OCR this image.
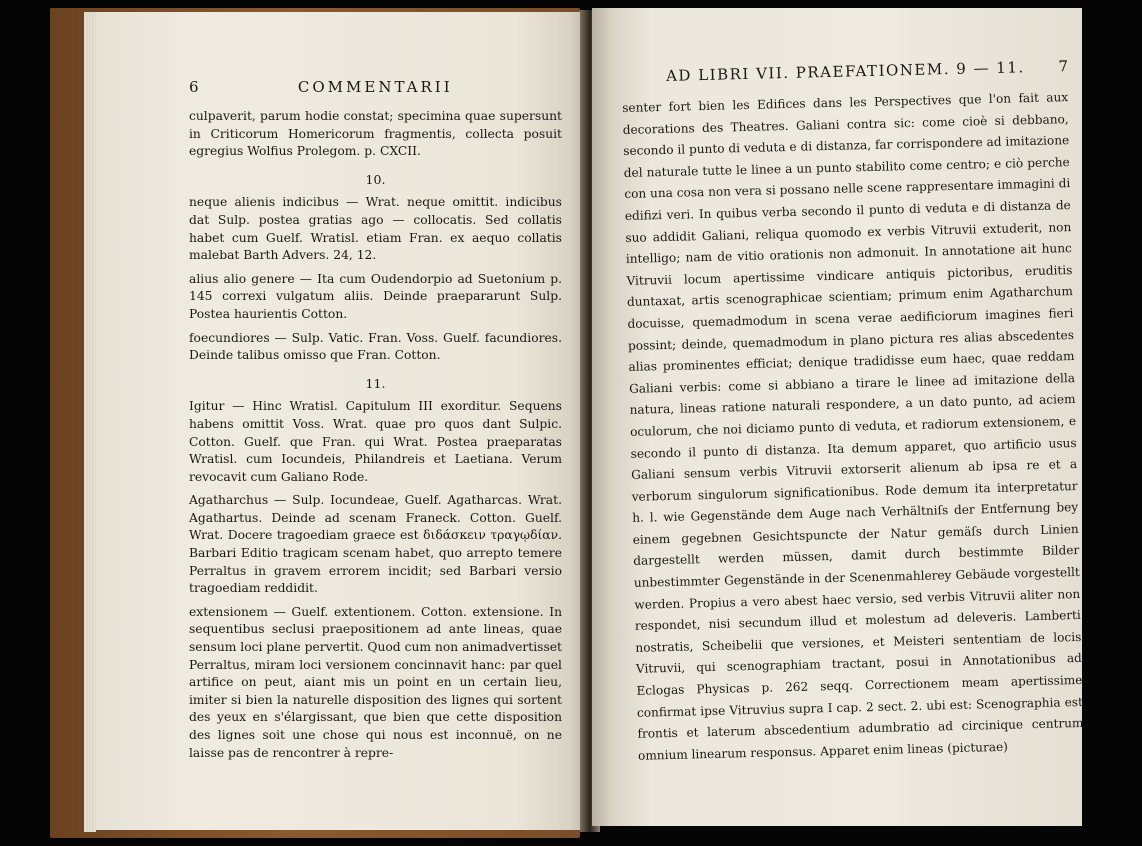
6	COMMENTARII

culpaverit, parum hodie constat; specimina quae supersunt in Criticorum Homericorum fragmentis, collecta posuit egregius Wolfius Prolegom. p. CXCII.

10.

neque alienis indicibus — Wrat. neque omittit. indicibus dat Sulp. postea gratias ago — collocatis. Sed collatis habet cum Guelf. Wratisl. etiam Fran. ex aequo collatis malebat Barth Advers. 24, 12.

alius alio genere — Ita cum Oudendorpio ad Suetonium p. 145 correxi vulgatum aliis. Deinde praepararunt Sulp. Postea haurientis Cotton.

foecundiores — Sulp. Vatic. Fran. Voss. Guelf. facundiores. Deinde talibus omisso que Fran. Cotton.

11.

Igitur — Hinc Wratisl. Capitulum III exorditur. Sequens habens omittit Voss. Wrat. quae pro quos dant Sulpic. Cotton. Guelf. que Fran. qui Wrat. Postea praeparatas Wratisl. cum Iocundeis, Philandreis et Laetiana. Verum revocavit cum Galiano Rode.

Agatharchus — Sulp. Iocundeae, Guelf. Agatharcas. Wrat. Agathartus. Deinde ad scenam Franeck. Cotton. Guelf. Wrat. Docere tragoediam graece est διδάσκειν τραγῳδίαν. Barbari Editio tragicam scenam habet, quo arrepto temere Perraltus in gravem errorem incidit; sed Barbari versio tragoediam reddidit.

extensionem — Guelf. extentionem. Cotton. extensione. In sequentibus seclusi praepositionem ad ante lineas, quae sensum loci plane pervertit. Quod cum non animadvertisset Perraltus, miram loci versionem concinnavit hanc: par quel artifice on peut, aiant mis un point en un certain lieu, imiter si bien la naturelle disposition des lignes qui sortent des yeux en s'élargissant, que bien que cette disposition des lignes soit une chose qui nous est inconnuë, on ne laisse pas de rencontrer à repre-

AD LIBRI VII. PRAEFATIONEM. 9 — 11. 7

senter fort bien les Edifices dans les Perspectives que l'on fait aux decorations des Theatres. Galiani contra sic: come cioè si debbano, secondo il punto di veduta e di distanza, far corrispondere ad imitazione del naturale tutte le linee a un punto stabilito come centro; e ciò perche con una cosa non vera si possano nelle scene rappresentare immagini di edifizi veri. In quibus verba secondo il punto di veduta e di distanza de suo addidit Galiani, reliqua quomodo ex verbis Vitruvii extuderit, non intelligo; nam de vitio orationis non admonuit. In annotatione ait hunc Vitruvii locum apertissime vindicare antiquis pictoribus, eruditis duntaxat, artis scenographicae scientiam; primum enim Agatharchum docuisse, quemadmodum in scena verae aedificiorum imagines fieri possint; deinde, quemadmodum in plano pictura res alias abscedentes alias prominentes efficiat; denique tradidisse eum haec, quae reddam Galiani verbis: come si abbiano a tirare le linee ad imitazione della natura, lineas ratione naturali respondere, a un dato punto, ad aciem oculorum, che noi diciamo punto di veduta, et radiorum extensionem, e secondo il punto di distanza. Ita demum apparet, quo artificio usus Galiani sensum verbis Vitruvii extorserit alienum ab ipsa re et a verborum singulorum significationibus. Rode demum ita interpretatur h. l. wie Gegenstände dem Auge nach Verhältniſs der Entfernung bey einem gegebnen Gesichtspuncte der Natur gemäſs durch Linien dargestellt werden müssen, damit durch bestimmte Bilder unbestimmter Gegenstände in der Scenenmahlerey Gebäude vorgestellt werden. Propius a vero abest haec versio, sed verbis Vitruvii aliter non respondet, nisi secundum illud et molestum ad deleveris. Lamberti nostratis, Scheibelii que versiones, et Meisteri sententiam de locis Vitruvii, qui scenographiam tractant, posui in Annotationibus ad Eclogas Physicas p. 262 seqq. Correctionem meam apertissime confirmat ipse Vitruvius supra I cap. 2 sect. 2. ubi est: Scenographia est frontis et laterum abscedentium adumbratio ad circinique centrum omnium linearum responsus. Apparet enim lineas (picturae)
